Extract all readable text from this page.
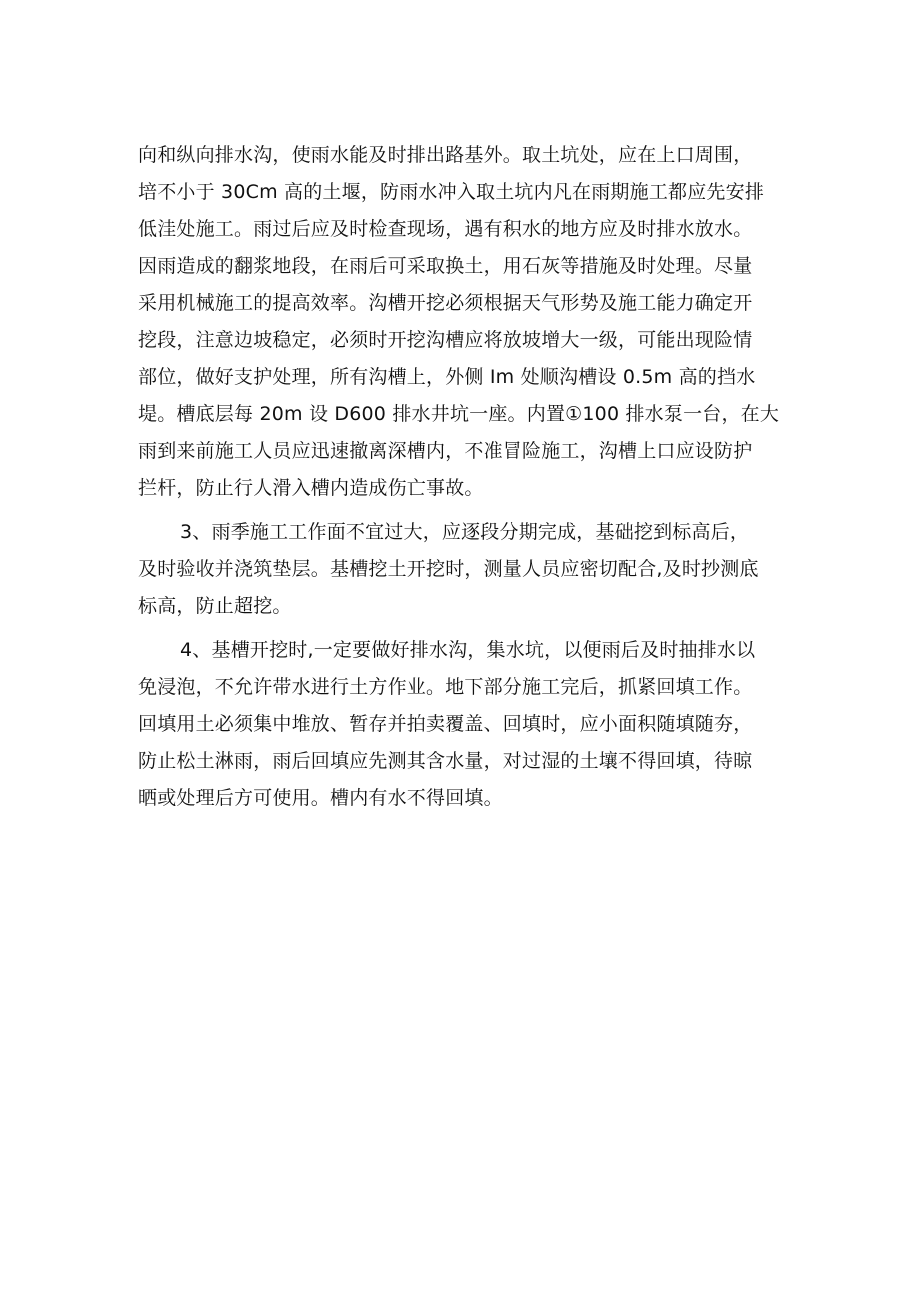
向和纵向排水沟，使雨水能及时排出路基外。取土坑处，应在上口周围，
培不小于 30Cm 高的土堰，防雨水冲入取土坑内凡在雨期施工都应先安排
低洼处施工。雨过后应及时检查现场，遇有积水的地方应及时排水放水。
因雨造成的翻浆地段，在雨后可采取换土，用石灰等措施及时处理。尽量
采用机械施工的提高效率。沟槽开挖必须根据天气形势及施工能力确定开
挖段，注意边坡稳定，必须时开挖沟槽应将放坡增大一级，可能出现险情
部位，做好支护处理，所有沟槽上，外侧 Im 处顺沟槽设 0.5m 高的挡水
堤。槽底层每 20m 设 D600 排水井坑一座。内置①100 排水泵一台，在大
雨到来前施工人员应迅速撤离深槽内，不准冒险施工，沟槽上口应设防护
拦杆，防止行人滑入槽内造成伤亡事故。
3、雨季施工工作面不宜过大，应逐段分期完成，基础挖到标高后，
及时验收并浇筑垫层。基槽挖土开挖时，测量人员应密切配合,及时抄测底
标高，防止超挖。
4、基槽开挖时,一定要做好排水沟，集水坑，以便雨后及时抽排水以
免浸泡，不允许带水进行土方作业。地下部分施工完后，抓紧回填工作。
回填用土必须集中堆放、暂存并拍卖覆盖、回填时，应小面积随填随夯，
防止松土淋雨，雨后回填应先测其含水量，对过湿的土壤不得回填，待晾
晒或处理后方可使用。槽内有水不得回填。
